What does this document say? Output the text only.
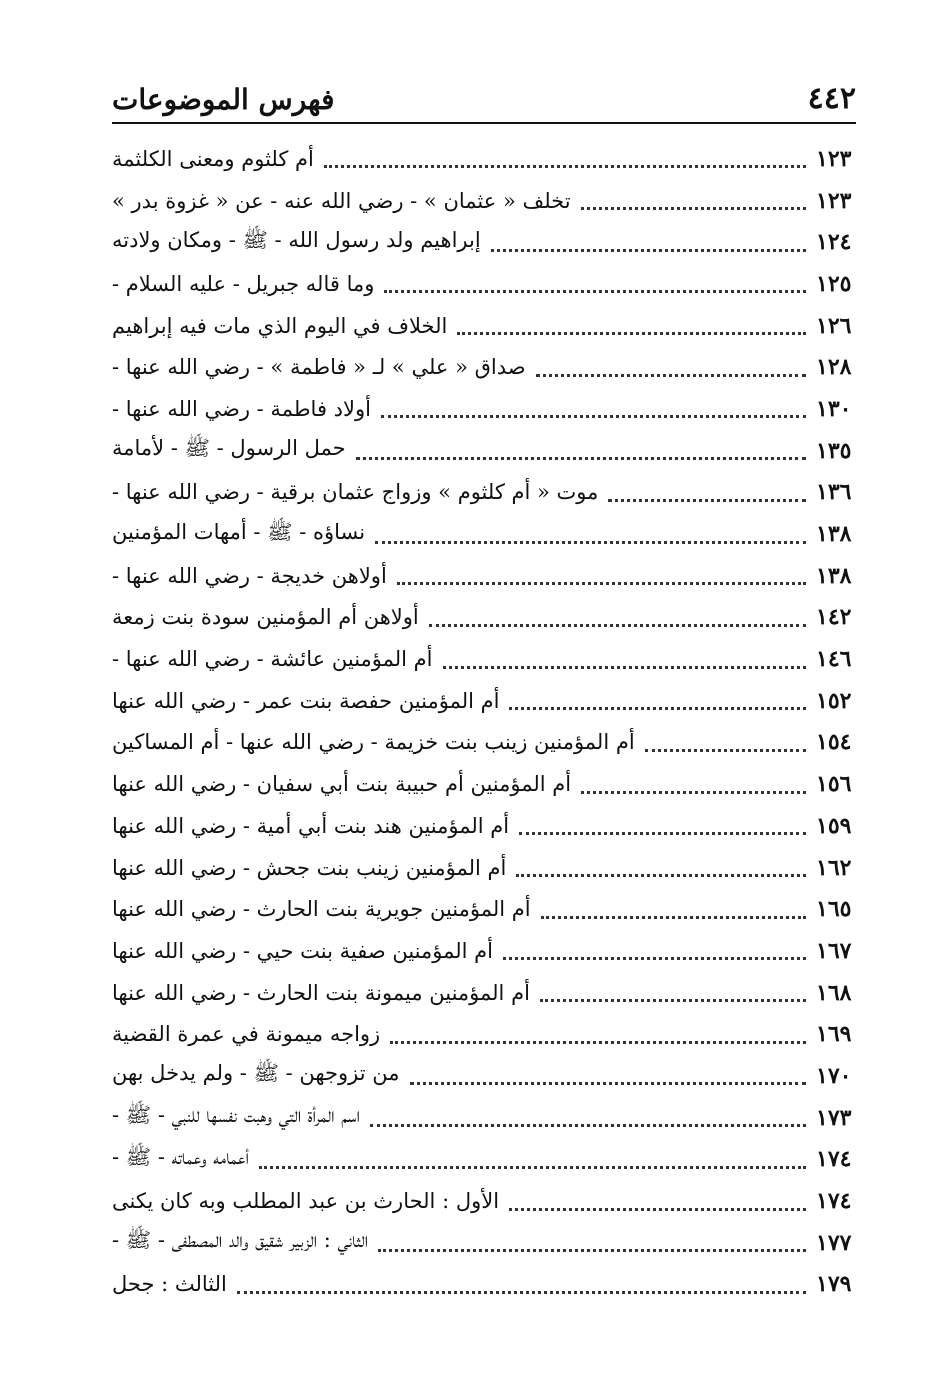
٤٤٢
فهرس الموضوعات
أم كلثوم ومعنى الكلثمة	١٢٣
تخلف « عثمان » - رضي الله عنه - عن « غزوة بدر »	١٢٣
إبراهيم ولد رسول الله - ﷺ - ومكان ولادته	١٢٤
وما قاله جبريل - عليه السلام -	١٢٥
الخلاف في اليوم الذي مات فيه إبراهيم	١٢٦
صداق « علي » لـ « فاطمة » - رضي الله عنها -	١٢٨
أولاد فاطمة - رضي الله عنها -	١٣٠
حمل الرسول - ﷺ - لأمامة	١٣٥
موت « أم كلثوم » وزواج عثمان برقية - رضي الله عنها -	١٣٦
نساؤه - ﷺ - أمهات المؤمنين	١٣٨
أولاهن خديجة - رضي الله عنها -	١٣٨
أولاهن أم المؤمنين سودة بنت زمعة	١٤٢
أم المؤمنين عائشة - رضي الله عنها -	١٤٦
أم المؤمنين حفصة بنت عمر - رضي الله عنها	١٥٢
أم المؤمنين زينب بنت خزيمة - رضي الله عنها - أم المساكين	١٥٤
أم المؤمنين أم حبيبة بنت أبي سفيان - رضي الله عنها	١٥٦
أم المؤمنين هند بنت أبي أمية - رضي الله عنها	١٥٩
أم المؤمنين زينب بنت جحش - رضي الله عنها	١٦٢
أم المؤمنين جويرية بنت الحارث - رضي الله عنها	١٦٥
أم المؤمنين صفية بنت حيي - رضي الله عنها	١٦٧
أم المؤمنين ميمونة بنت الحارث - رضي الله عنها	١٦٨
زواجه ميمونة في عمرة القضية	١٦٩
من تزوجهن - ﷺ - ولم يدخل بهن	١٧٠
اسم المرأة التي وهبت نفسها للنبي - ﷺ -	١٧٣
أعمامه وعماته - ﷺ -	١٧٤
الأول : الحارث بن عبد المطلب وبه كان يكنى	١٧٤
الثاني : الزبير شقيق والد المصطفى - ﷺ -	١٧٧
الثالث : جحل	١٧٩
